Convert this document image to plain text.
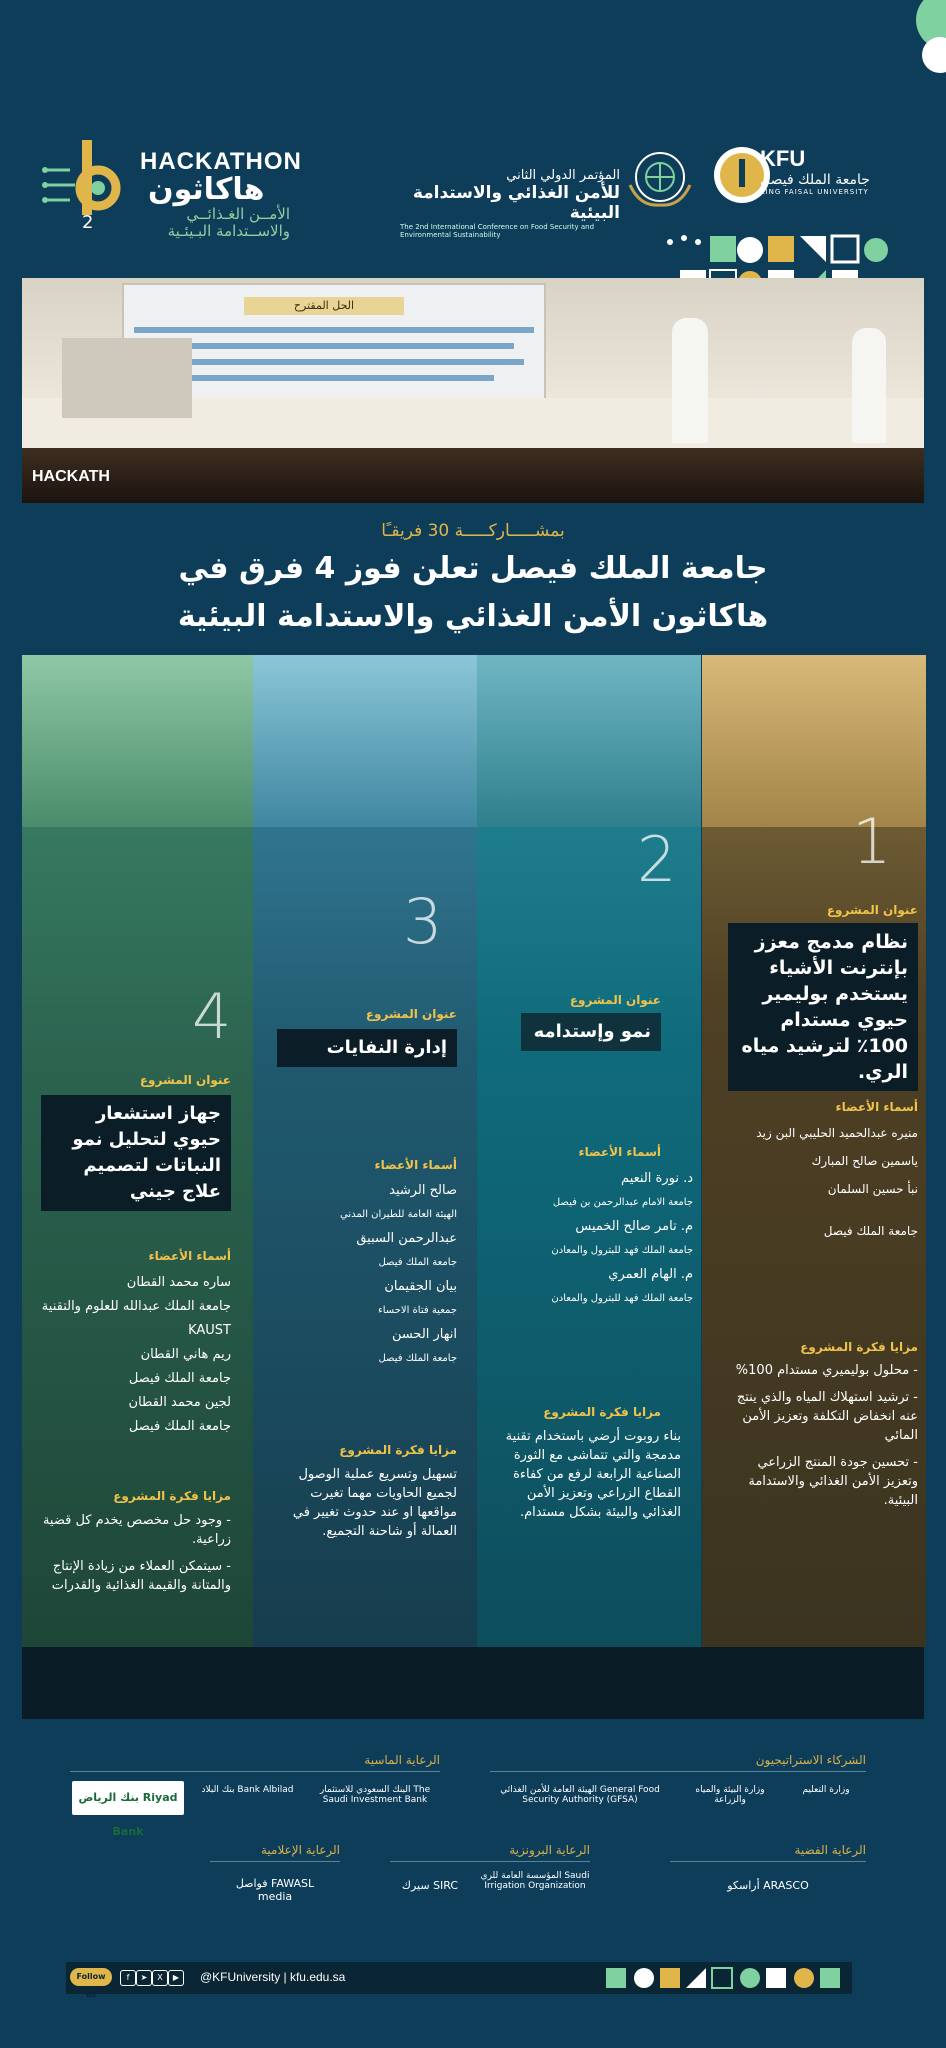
2
HACKATHON
هاكاثون
الأمــن الغـذائــي
والاســتدامة البـيئـية
المؤتمر الدولي الثاني
للأمن الغذائي والاستدامة البيئية
The 2nd International Conference on Food Security and Environmental Sustainability
KFU
جامعة الملك فيصل
KING FAISAL UNIVERSITY
الحل المقترح
HACKATH
بمشـــــاركـــــة 30 فريقـًا
جامعة الملك فيصل تعلن فوز 4 فرق في
هاكاثون الأمن الغذائي والاستدامة البيئية
1
عنوان المشروع
نظام مدمج معزز بإنترنت الأشياء يستخدم بوليمير حيوي مستدام 100٪ لترشيد مياه الري.
أسماء الأعضاء
منيره عبدالحميد الحليبي البن زيد
ياسمين صالح المبارك
نبأ حسين السلمان
جامعة الملك فيصل
مزايا فكرة المشروع
- محلول بوليميري مستدام 100%
- ترشيد استهلاك المياه والذي ينتج عنه انخفاض التكلفة وتعزيز الأمن المائي
- تحسين جودة المنتج الزراعي وتعزيز الأمن الغذائي والاستدامة البيئية.
2
عنوان المشروع
نمو وإستدامه
أسماء الأعضاء
د. نورة النعيم
جامعة الامام عبدالرحمن بن فيصل
م. تامر صالح الخميس
جامعة الملك فهد للبترول والمعادن
م. الهام العمري
جامعة الملك فهد للبترول والمعادن
مزايا فكرة المشروع
بناء روبوت أرضي باستخدام تقنية مدمجة والتي تتماشى مع الثورة الصناعية الرابعة لرفع من كفاءة القطاع الزراعي وتعزيز الأمن الغذائي والبيئة بشكل مستدام.
3
عنوان المشروع
إدارة النفايات
أسماء الأعضاء
صالح الرشيد
الهيئة العامة للطيران المدني
عبدالرحمن السبيق
جامعة الملك فيصل
بيان الجقيمان
جمعية فتاة الاحساء
انهار الحسن
جامعة الملك فيصل
مزايا فكرة المشروع
تسهيل وتسريع عملية الوصول لجميع الحاويات مهما تغيرت مواقعها او عند حدوث تغيير في العمالة أو شاحنة التجميع.
4
عنوان المشروع
جهاز استشعار حيوي لتحليل نمو النباتات لتصميم علاج جيني
أسماء الأعضاء
ساره محمد القطان
جامعة الملك عبدالله للعلوم والتقنية KAUST
ريم هاني القطان
جامعة الملك فيصل
لجين محمد القطان
جامعة الملك فيصل
مزايا فكرة المشروع
- وجود حل مخصص يخدم كل قضية زراعية.
- سيتمكن العملاء من زيادة الإنتاج والمتانة والقيمة الغذائية والقدرات
الشركاء الاستراتيجيون
وزارة التعليم
وزارة البيئة والمياه والزراعة
الهيئة العامة للأمن الغذائي General Food Security Authority (GFSA)
الرعاية الماسية
البنك السعودي للاستثمار The Saudi Investment Bank
بنك البلاد Bank Albilad
بنك الرياض Riyad Bank
الرعاية الفضية
أراسكو ARASCO
الرعاية البرونزية
المؤسسة العامة للري Saudi Irrigation Organization
سيرك SIRC
الرعاية الإعلامية
فواصل FAWASL media
Follow us
f	➤	X	▶	@KFUniversity | kfu.edu.sa
